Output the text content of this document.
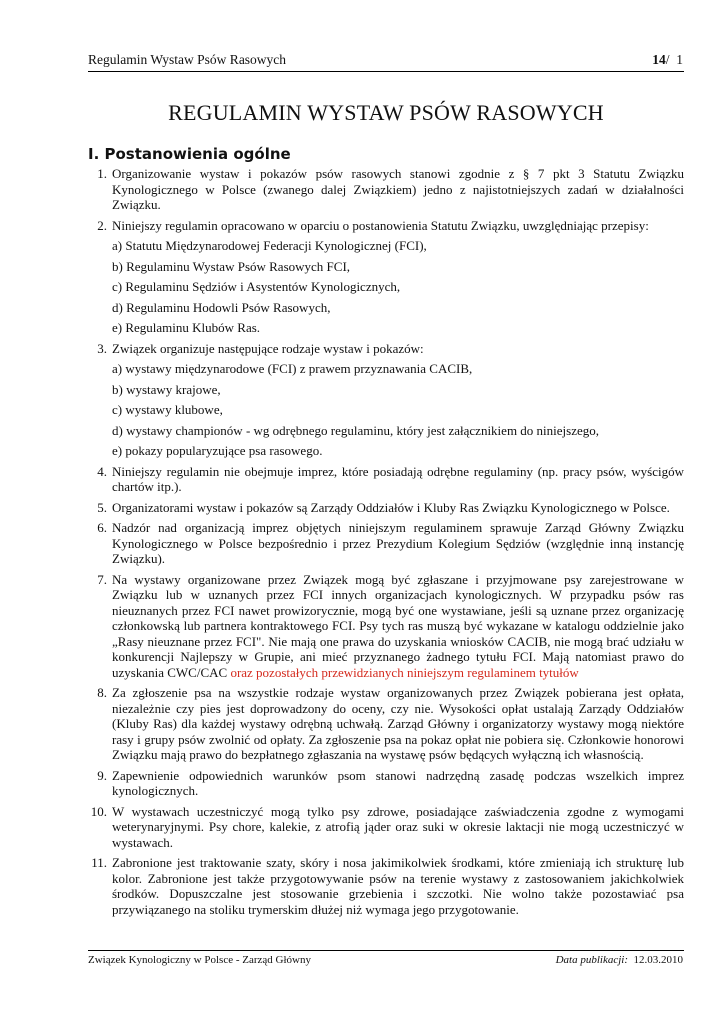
Regulamin Wystaw Psów Rasowych	14/ 1
REGULAMIN WYSTAW PSÓW RASOWYCH
I. Postanowienia ogólne
1. Organizowanie wystaw i pokazów psów rasowych stanowi zgodnie z § 7 pkt 3 Statutu Związku Kynologicznego w Polsce (zwanego dalej Związkiem) jedno z najistotniejszych zadań w działalności Związku.
2. Niniejszy regulamin opracowano w oparciu o postanowienia Statutu Związku, uwzględniając przepisy:
a) Statutu Międzynarodowej Federacji Kynologicznej (FCI),
b) Regulaminu Wystaw Psów Rasowych FCI,
c) Regulaminu Sędziów i Asystentów Kynologicznych,
d) Regulaminu Hodowli Psów Rasowych,
e) Regulaminu Klubów Ras.
3. Związek organizuje następujące rodzaje wystaw i pokazów:
a) wystawy międzynarodowe (FCI) z prawem przyznawania CACIB,
b) wystawy krajowe,
c) wystawy klubowe,
d) wystawy championów - wg odrębnego regulaminu, który jest załącznikiem do niniejszego,
e) pokazy popularyzujące psa rasowego.
4. Niniejszy regulamin nie obejmuje imprez, które posiadają odrębne regulaminy (np. pracy psów, wyścigów chartów itp.).
5. Organizatorami wystaw i pokazów są Zarządy Oddziałów i Kluby Ras Związku Kynologicznego w Polsce.
6. Nadzór nad organizacją imprez objętych niniejszym regulaminem sprawuje Zarząd Główny Związku Kynologicznego w Polsce bezpośrednio i przez Prezydium Kolegium Sędziów (względnie inną instancję Związku).
7. Na wystawy organizowane przez Związek mogą być zgłaszane i przyjmowane psy zarejestrowane w Związku lub w uznanych przez FCI innych organizacjach kynologicznych. W przypadku psów ras nieuznanych przez FCI nawet prowizorycznie, mogą być one wystawiane, jeśli są uznane przez organizację członkowską lub partnera kontraktowego FCI. Psy tych ras muszą być wykazane w katalogu oddzielnie jako „Rasy nieuznane przez FCI". Nie mają one prawa do uzyskania wniosków CACIB, nie mogą brać udziału w konkurencji Najlepszy w Grupie, ani mieć przyznanego żadnego tytułu FCI. Mają natomiast prawo do uzyskania CWC/CAC oraz pozostałych przewidzianych niniejszym regulaminem tytułów
8. Za zgłoszenie psa na wszystkie rodzaje wystaw organizowanych przez Związek pobierana jest opłata, niezależnie czy pies jest doprowadzony do oceny, czy nie. Wysokości opłat ustalają Zarządy Oddziałów (Kluby Ras) dla każdej wystawy odrębną uchwałą. Zarząd Główny i organizatorzy wystawy mogą niektóre rasy i grupy psów zwolnić od opłaty. Za zgłoszenie psa na pokaz opłat nie pobiera się. Członkowie honorowi Związku mają prawo do bezpłatnego zgłaszania na wystawę psów będących wyłączną ich własnością.
9. Zapewnienie odpowiednich warunków psom stanowi nadrzędną zasadę podczas wszelkich imprez kynologicznych.
10. W wystawach uczestniczyć mogą tylko psy zdrowe, posiadające zaświadczenia zgodne z wymogami weterynaryjnymi. Psy chore, kalekie, z atrofią jąder oraz suki w okresie laktacji nie mogą uczestniczyć w wystawach.
11. Zabronione jest traktowanie szaty, skóry i nosa jakimikolwiek środkami, które zmieniają ich strukturę lub kolor. Zabronione jest także przygotowywanie psów na terenie wystawy z zastosowaniem jakichkolwiek środków. Dopuszczalne jest stosowanie grzebienia i szczotki. Nie wolno także pozostawiać psa przywiązanego na stoliku trymerskim dłużej niż wymaga jego przygotowanie.
Związek Kynologiczny w Polsce - Zarząd Główny	Data publikacji: 12.03.2010
